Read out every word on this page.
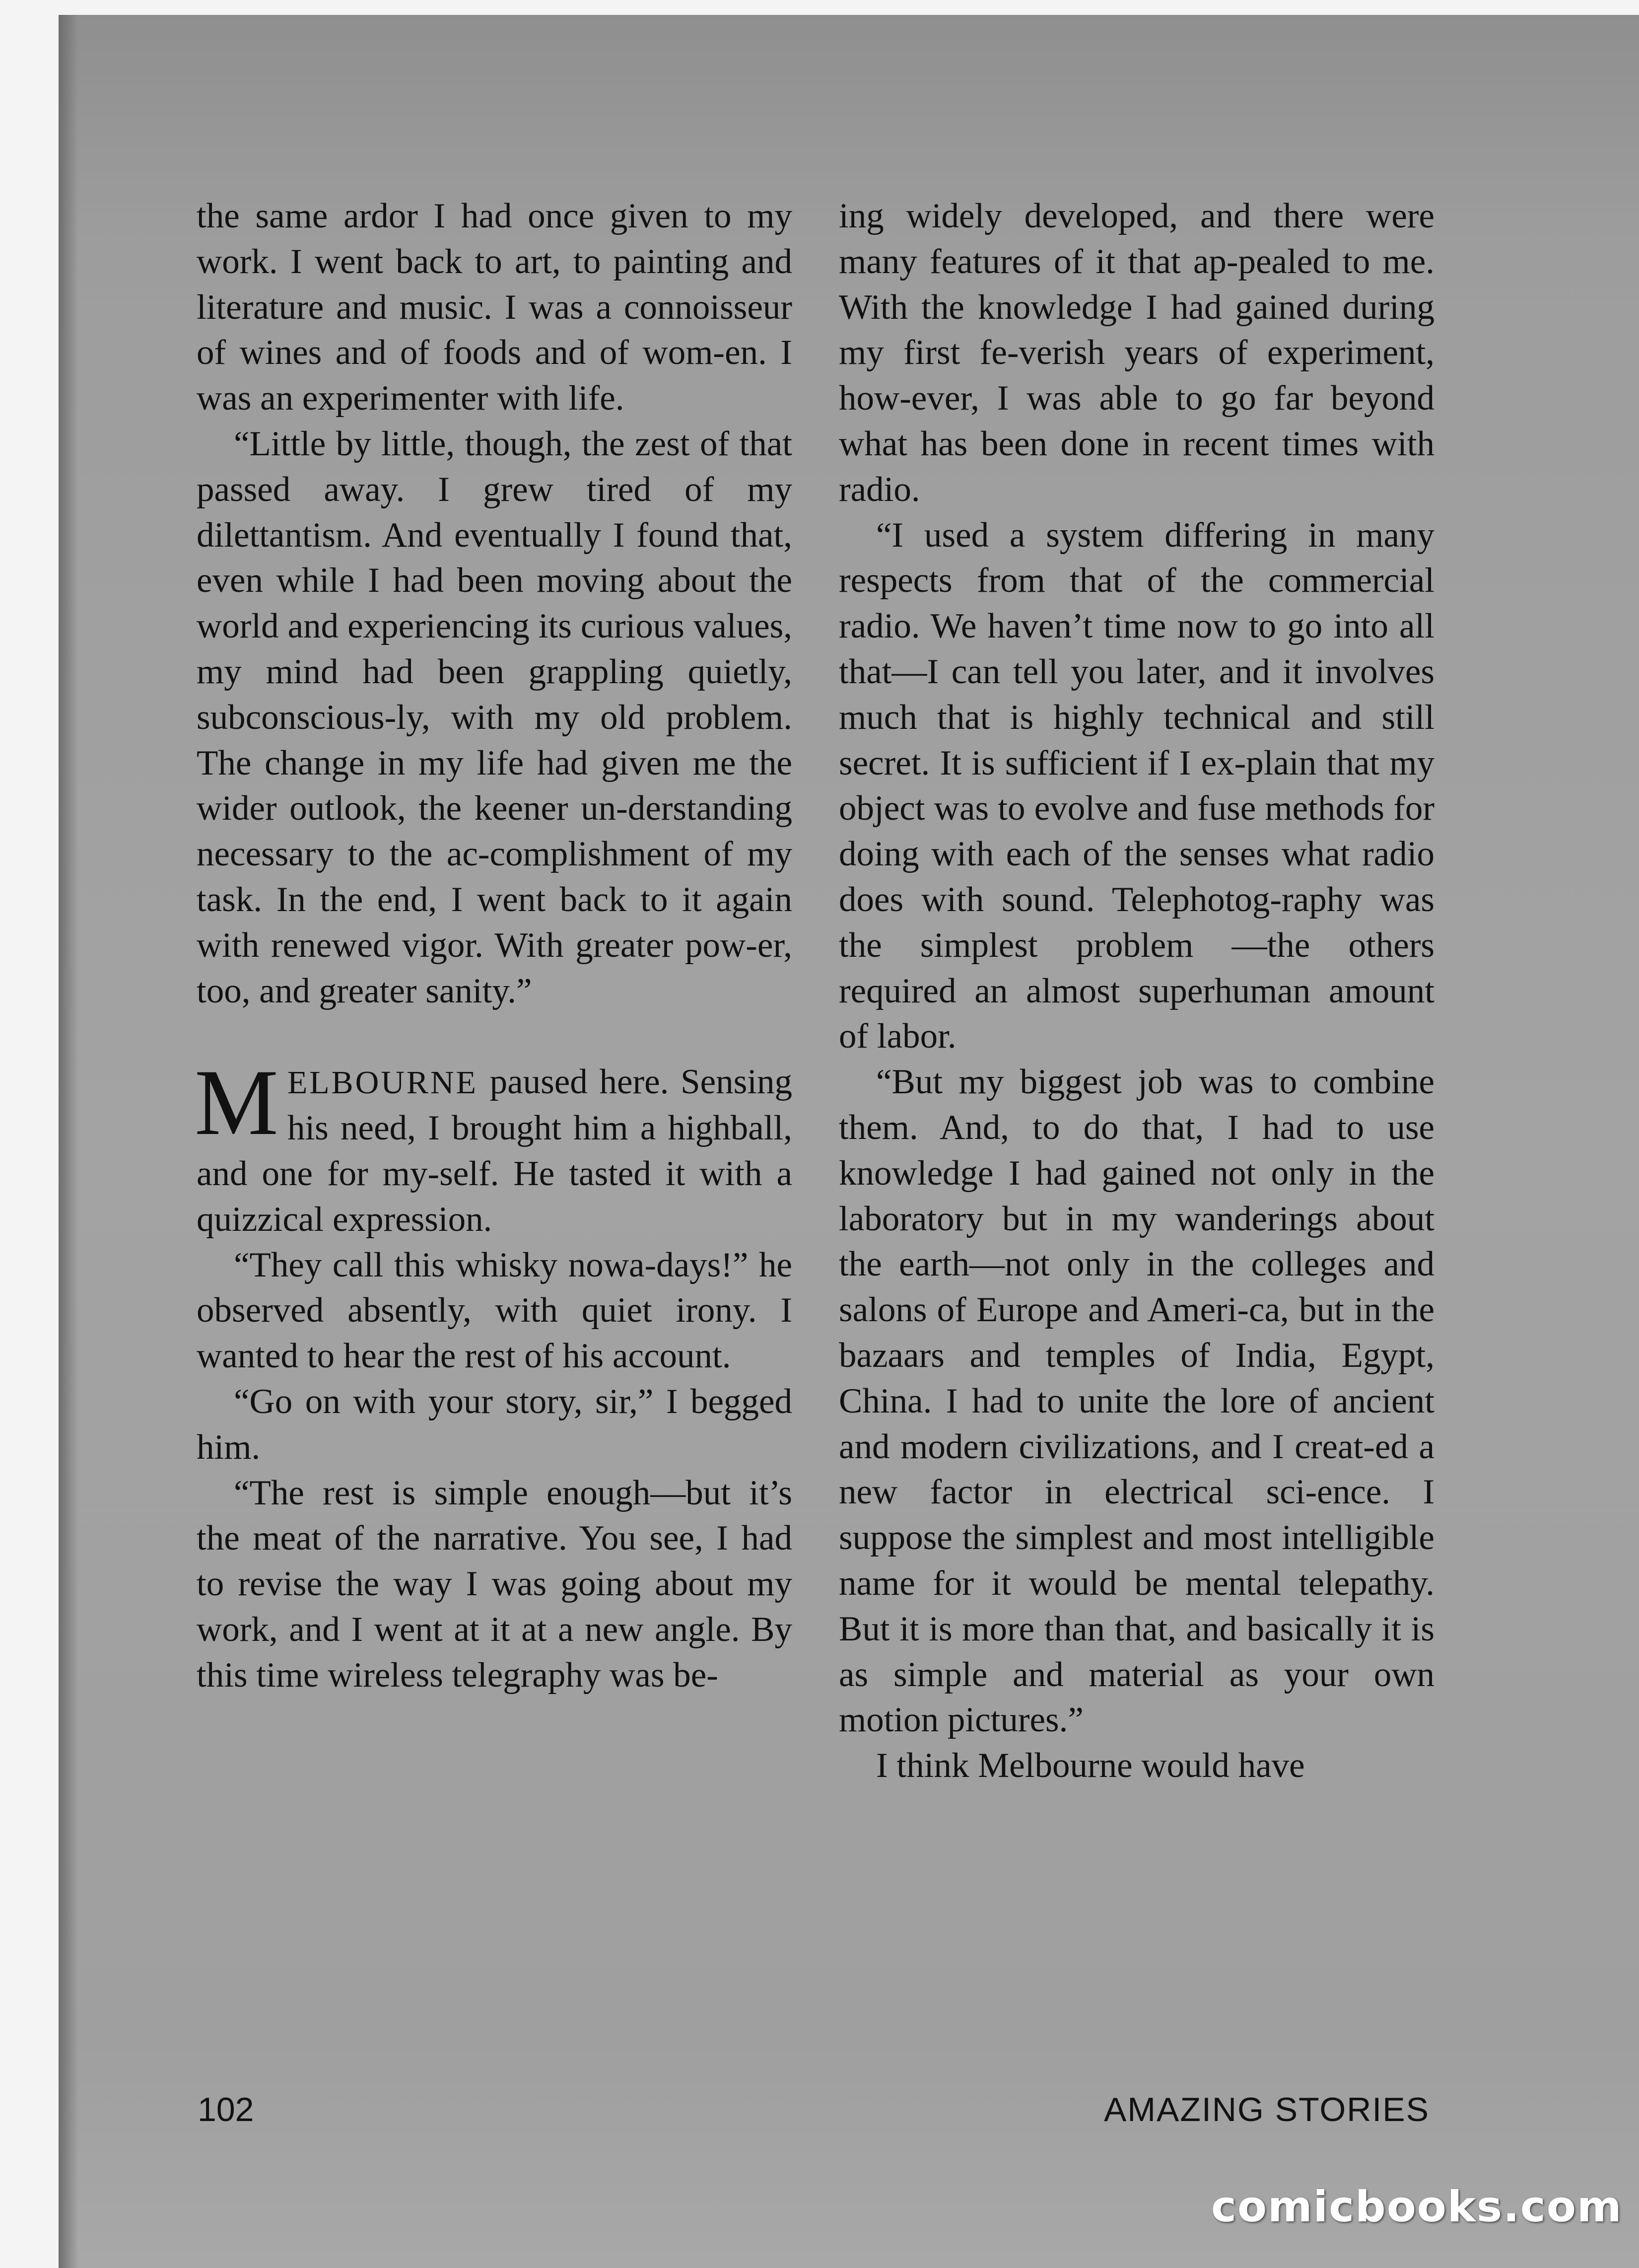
the same ardor I had once given to my work. I went back to art, to painting and literature and music. I was a connoisseur of wines and of foods and of wom-en. I was an experimenter with life.

“Little by little, though, the zest of that passed away. I grew tired of my dilettantism. And eventually I found that, even while I had been moving about the world and experiencing its curious values, my mind had been grappling quietly, subconscious-ly, with my old problem. The change in my life had given me the wider outlook, the keener un-derstanding necessary to the ac-complishment of my task. In the end, I went back to it again with renewed vigor. With greater pow-er, too, and greater sanity.”

MELBOURNE paused here. Sensing his need, I brought him a highball, and one for my-self. He tasted it with a quizzical expression.

“They call this whisky nowa-days!” he observed absently, with quiet irony. I wanted to hear the rest of his account.

“Go on with your story, sir,” I begged him.

“The rest is simple enough—but it’s the meat of the narrative. You see, I had to revise the way I was going about my work, and I went at it at a new angle. By this time wireless telegraphy was be-

ing widely developed, and there were many features of it that ap-pealed to me. With the knowledge I had gained during my first fe-verish years of experiment, how-ever, I was able to go far beyond what has been done in recent times with radio.

“I used a system differing in many respects from that of the commercial radio. We haven’t time now to go into all that—I can tell you later, and it involves much that is highly technical and still secret. It is sufficient if I ex-plain that my object was to evolve and fuse methods for doing with each of the senses what radio does with sound. Telephotog-raphy was the simplest problem —the others required an almost superhuman amount of labor.

“But my biggest job was to combine them. And, to do that, I had to use knowledge I had gained not only in the laboratory but in my wanderings about the earth—not only in the colleges and salons of Europe and Ameri-ca, but in the bazaars and temples of India, Egypt, China. I had to unite the lore of ancient and modern civilizations, and I creat-ed a new factor in electrical sci-ence. I suppose the simplest and most intelligible name for it would be mental telepathy. But it is more than that, and basically it is as simple and material as your own motion pictures.”

I think Melbourne would have

102	AMAZING STORIES
comicbooks.com
